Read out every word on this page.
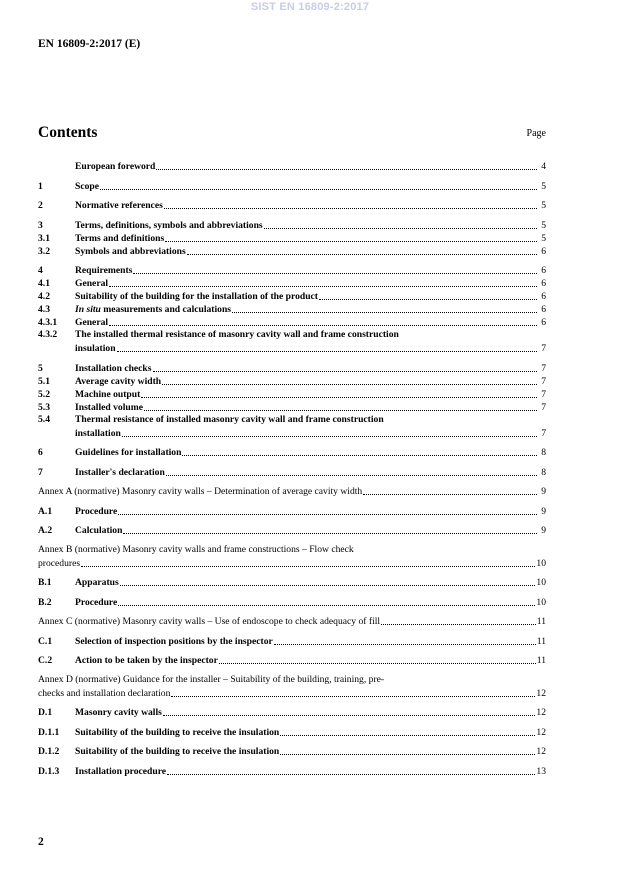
SIST EN 16809-2:2017
EN 16809-2:2017 (E)
Contents	Page
European foreword	4
1	Scope	5
2	Normative references	5
3	Terms, definitions, symbols and abbreviations	5
3.1	Terms and definitions	5
3.2	Symbols and abbreviations	6
4	Requirements	6
4.1	General	6
4.2	Suitability of the building for the installation of the product	6
4.3	In situ measurements and calculations	6
4.3.1	General	6
4.3.2	The installed thermal resistance of masonry cavity wall and frame construction
insulation	7
5	Installation checks	7
5.1	Average cavity width	7
5.2	Machine output	7
5.3	Installed volume	7
5.4	Thermal resistance of installed masonry cavity wall and frame construction
installation	7
6	Guidelines for installation	8
7	Installer's declaration	8
Annex A (normative) Masonry cavity walls – Determination of average cavity width	9
A.1	Procedure	9
A.2	Calculation	9
Annex B (normative) Masonry cavity walls and frame constructions – Flow check
procedures	10
B.1	Apparatus	10
B.2	Procedure	10
Annex C (normative) Masonry cavity walls – Use of endoscope to check adequacy of fill	11
C.1	Selection of inspection positions by the inspector	11
C.2	Action to be taken by the inspector	11
Annex D (normative) Guidance for the installer – Suitability of the building, training, pre-
checks and installation declaration	12
D.1	Masonry cavity walls	12
D.1.1	Suitability of the building to receive the insulation	12
D.1.2	Suitability of the building to receive the insulation	12
D.1.3	Installation procedure	13
2
